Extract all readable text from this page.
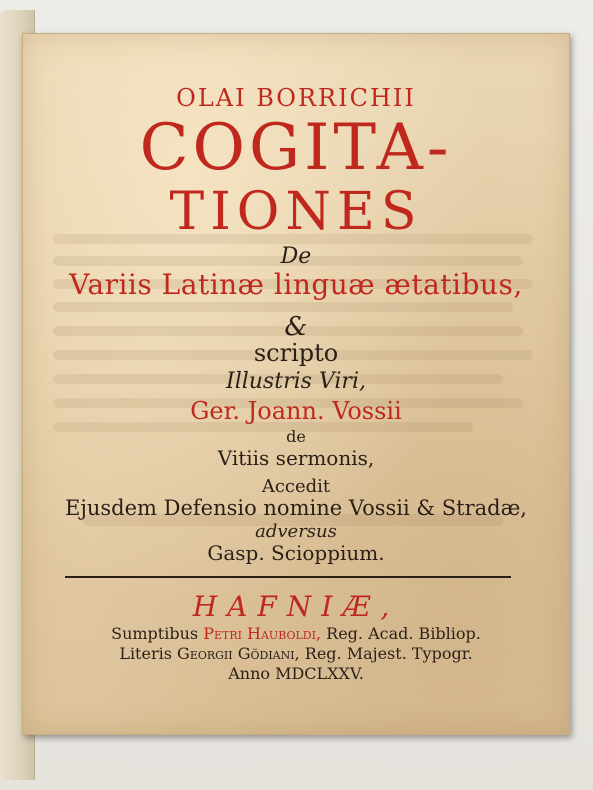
OLAI BORRICHII
COGITA-
TIONES
De
Variis Latinæ linguæ ætatibus,
&
scripto
Illustris Viri,
Ger. Joann. Vossii
de
Vitiis sermonis,
Accedit
Ejusdem Defensio nomine Vossii & Stradæ,
adversus
Gasp. Scioppium.
HAFNIÆ,
Sumptibus Petri Hauboldi, Reg. Acad. Bibliop.
Literis Georgii Gödiani, Reg. Majest. Typogr.
Anno MDCLXXV.
